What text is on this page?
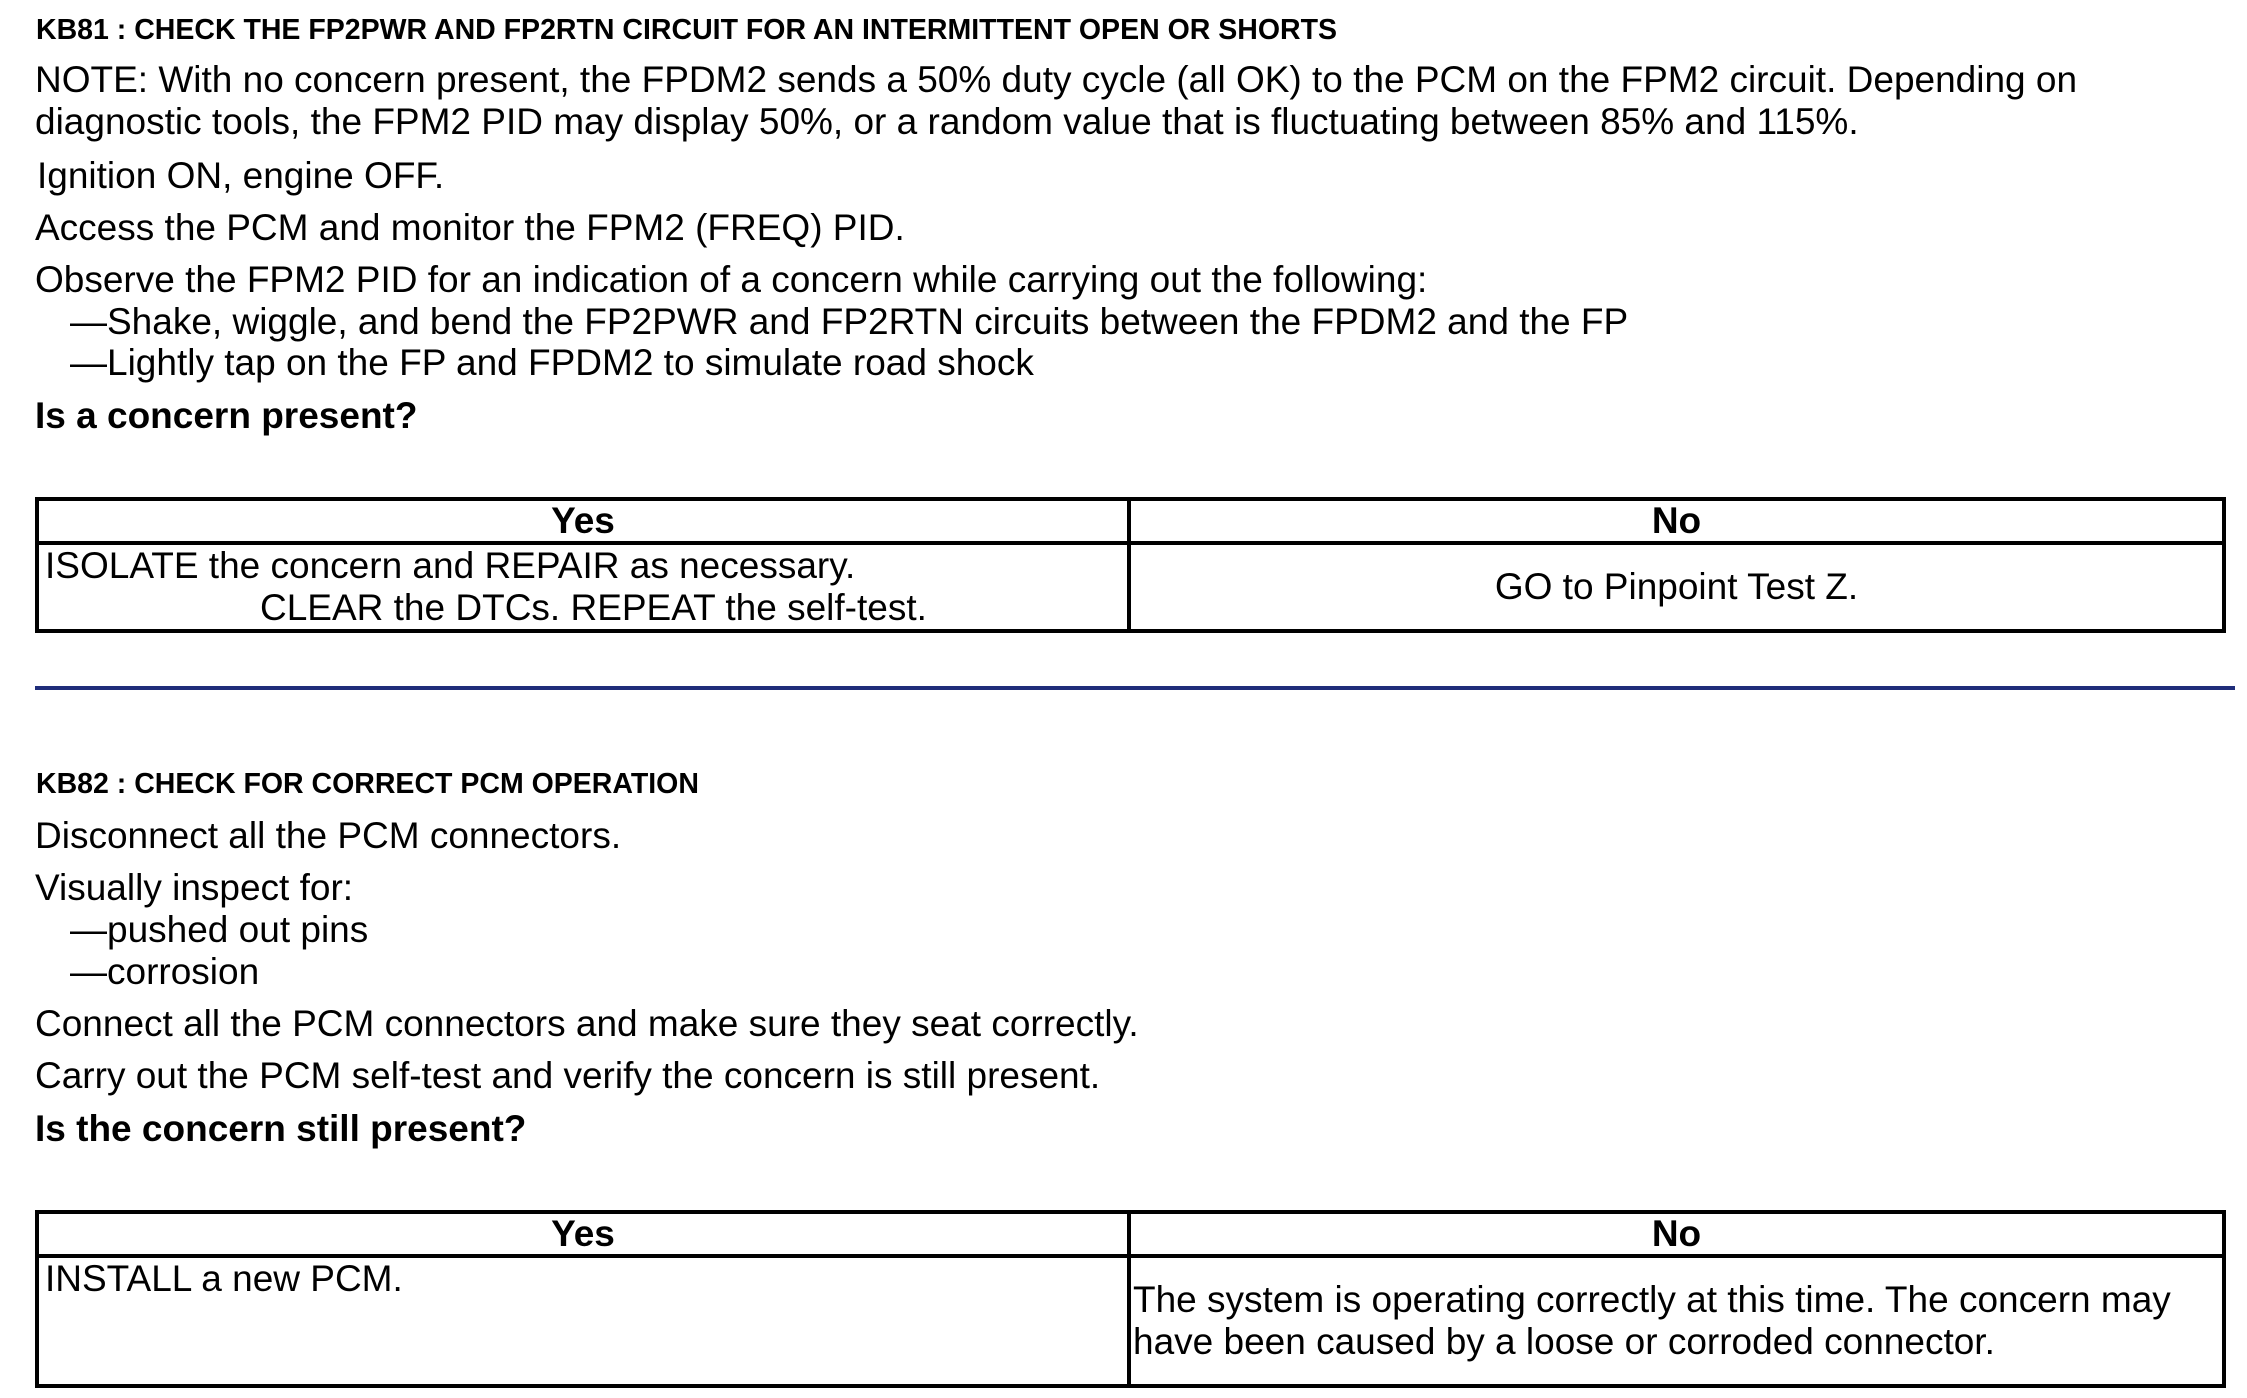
KB81 : CHECK THE FP2PWR AND FP2RTN CIRCUIT FOR AN INTERMITTENT OPEN OR SHORTS
NOTE: With no concern present, the FPDM2 sends a 50% duty cycle (all OK) to the PCM on the FPM2 circuit. Depending on
diagnostic tools, the FPM2 PID may display 50%, or a random value that is fluctuating between 85% and 115%.
Ignition ON, engine OFF.
Access the PCM and monitor the FPM2 (FREQ) PID.
Observe the FPM2 PID for an indication of a concern while carrying out the following:
—Shake, wiggle, and bend the FP2PWR and FP2RTN circuits between the FPDM2 and the FP
—Lightly tap on the FP and FPDM2 to simulate road shock
Is a concern present?
Yes	No

ISOLATE the concern and REPAIR as necessary.
CLEAR the DTCs. REPEAT the self-test.	GO to Pinpoint Test Z.
KB82 : CHECK FOR CORRECT PCM OPERATION
Disconnect all the PCM connectors.
Visually inspect for:
—pushed out pins
—corrosion
Connect all the PCM connectors and make sure they seat correctly.
Carry out the PCM self-test and verify the concern is still present.
Is the concern still present?
Yes	No
INSTALL a new PCM.	The system is operating correctly at this time. The concern may
have been caused by a loose or corroded connector.
